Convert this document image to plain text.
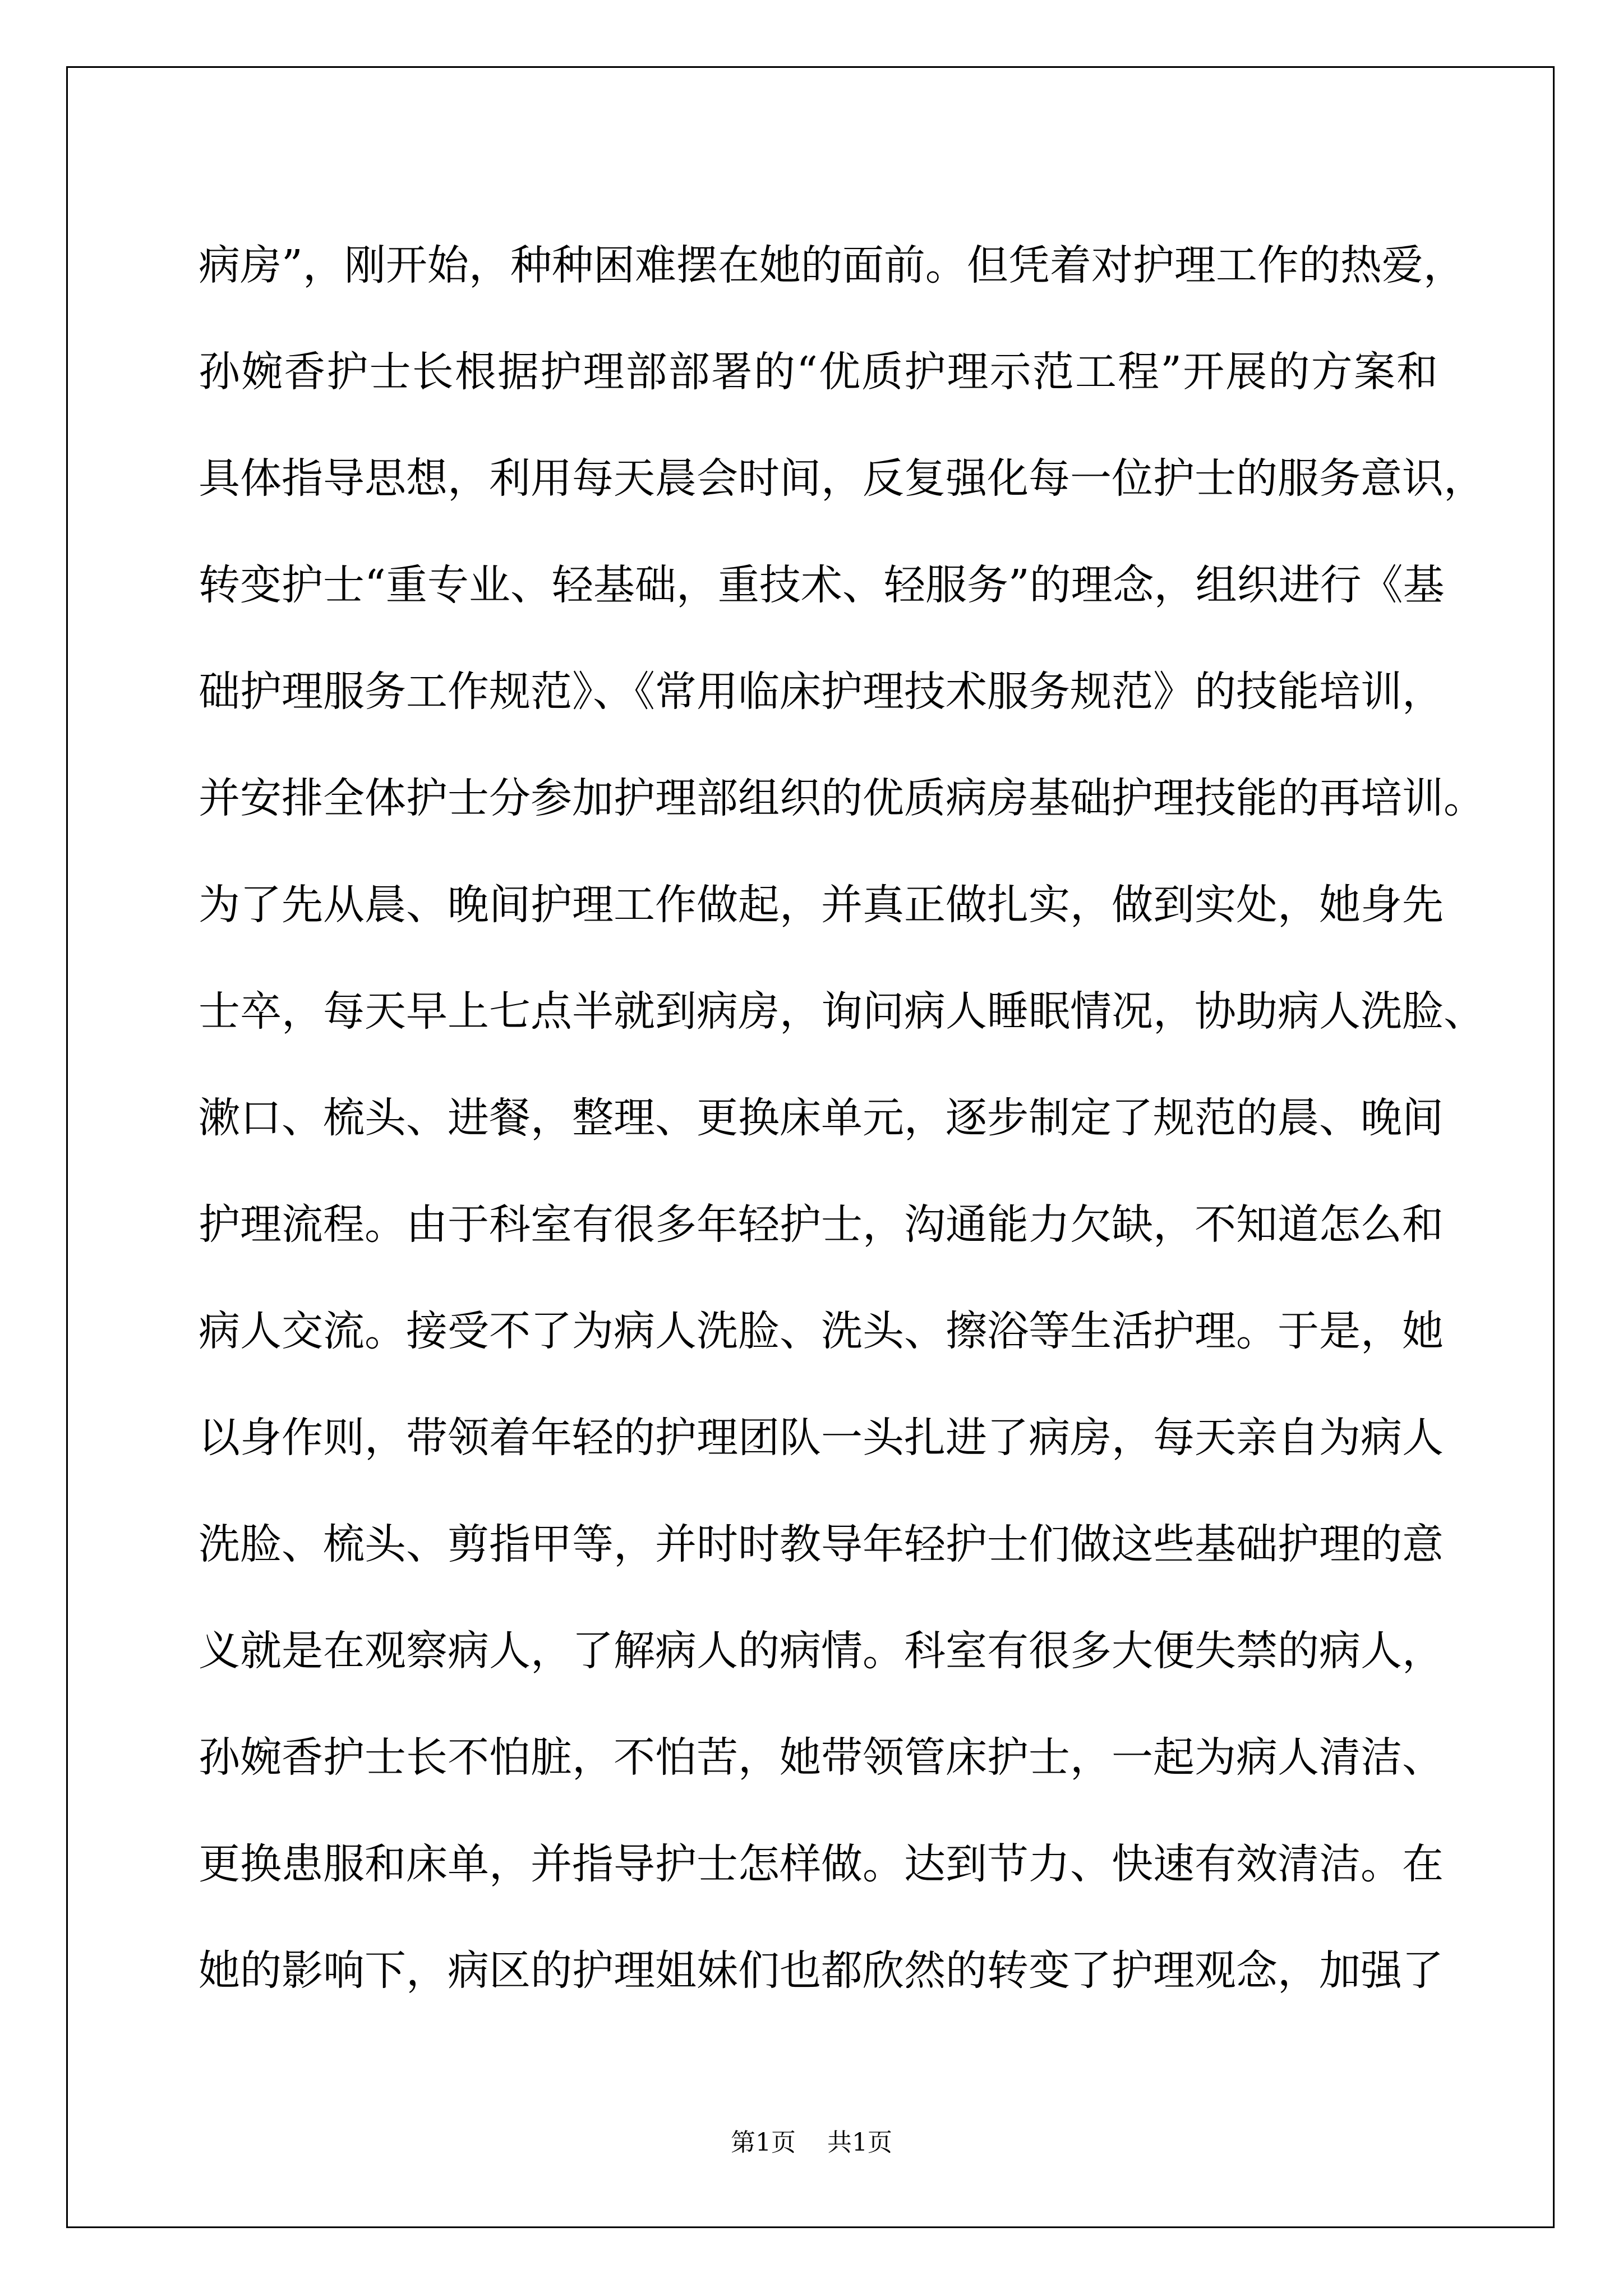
病房”，刚开始，种种困难摆在她的面前。但凭着对护理工作的热爱，
孙婉香护士长根据护理部部署的“优质护理示范工程”开展的方案和
具体指导思想，利用每天晨会时间，反复强化每一位护士的服务意识，
转变护士“重专业、轻基础，重技术、轻服务”的理念，组织进行《基
础护理服务工作规范》、《常用临床护理技术服务规范》的技能培训，
并安排全体护士分参加护理部组织的优质病房基础护理技能的再培训。
为了先从晨、晚间护理工作做起，并真正做扎实，做到实处，她身先
士卒，每天早上七点半就到病房，询问病人睡眠情况，协助病人洗脸、
漱口、梳头、进餐，整理、更换床单元，逐步制定了规范的晨、晚间
护理流程。由于科室有很多年轻护士，沟通能力欠缺，不知道怎么和
病人交流。接受不了为病人洗脸、洗头、擦浴等生活护理。于是，她
以身作则，带领着年轻的护理团队一头扎进了病房，每天亲自为病人
洗脸、梳头、剪指甲等，并时时教导年轻护士们做这些基础护理的意
义就是在观察病人，了解病人的病情。科室有很多大便失禁的病人，
孙婉香护士长不怕脏，不怕苦，她带领管床护士，一起为病人清洁、
更换患服和床单，并指导护士怎样做。达到节力、快速有效清洁。在
她的影响下，病区的护理姐妹们也都欣然的转变了护理观念，加强了
第1页 共1页
